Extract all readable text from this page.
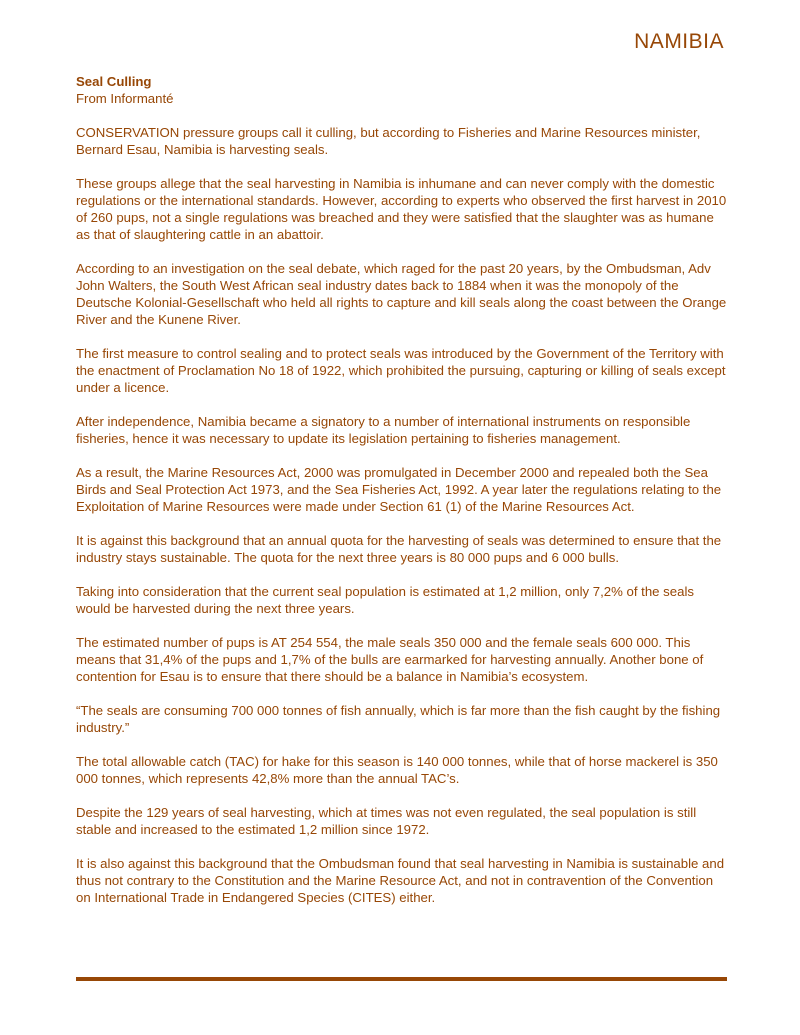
NAMIBIA

Seal Culling

From Informanté

CONSERVATION pressure groups call it culling, but according to Fisheries and Marine Resources minister, Bernard Esau, Namibia is harvesting seals.

These groups allege that the seal harvesting in Namibia is inhumane and can never comply with the domestic regulations or the international standards. However, according to experts who observed the first harvest in 2010 of 260 pups, not a single regulations was breached and they were satisfied that the slaughter was as humane as that of slaughtering cattle in an abattoir.

According to an investigation on the seal debate, which raged for the past 20 years, by the Ombudsman, Adv John Walters, the South West African seal industry dates back to 1884 when it was the monopoly of the Deutsche Kolonial-Gesellschaft who held all rights to capture and kill seals along the coast between the Orange River and the Kunene River.

The first measure to control sealing and to protect seals was introduced by the Government of the Territory with the enactment of Proclamation No 18 of 1922, which prohibited the pursuing, capturing or killing of seals except under a licence.

After independence, Namibia became a signatory to a number of international instruments on responsible fisheries, hence it was necessary to update its legislation pertaining to fisheries management.

As a result, the Marine Resources Act, 2000 was promulgated in December 2000 and repealed both the Sea Birds and Seal Protection Act 1973, and the Sea Fisheries Act, 1992. A year later the regulations relating to the Exploitation of Marine Resources were made under Section 61 (1) of the Marine Resources Act.

It is against this background that an annual quota for the harvesting of seals was determined to ensure that the industry stays sustainable. The quota for the next three years is 80 000 pups and 6 000 bulls.

Taking into consideration that the current seal population is estimated at 1,2 million, only 7,2% of the seals would be harvested during the next three years.

The estimated number of pups is AT 254 554, the male seals 350 000 and the female seals 600 000. This means that 31,4% of the pups and 1,7% of the bulls are earmarked for harvesting annually. Another bone of contention for Esau is to ensure that there should be a balance in Namibia’s ecosystem.

“The seals are consuming 700 000 tonnes of fish annually, which is far more than the fish caught by the fishing industry.”

The total allowable catch (TAC) for hake for this season is 140 000 tonnes, while that of horse mackerel is 350 000 tonnes, which represents 42,8% more than the annual TAC’s.

Despite the 129 years of seal harvesting, which at times was not even regulated, the seal population is still stable and increased to the estimated 1,2 million since 1972.

It is also against this background that the Ombudsman found that seal harvesting in Namibia is sustainable and thus not contrary to the Constitution and the Marine Resource Act, and not in contravention of the Convention on International Trade in Endangered Species (CITES) either.
